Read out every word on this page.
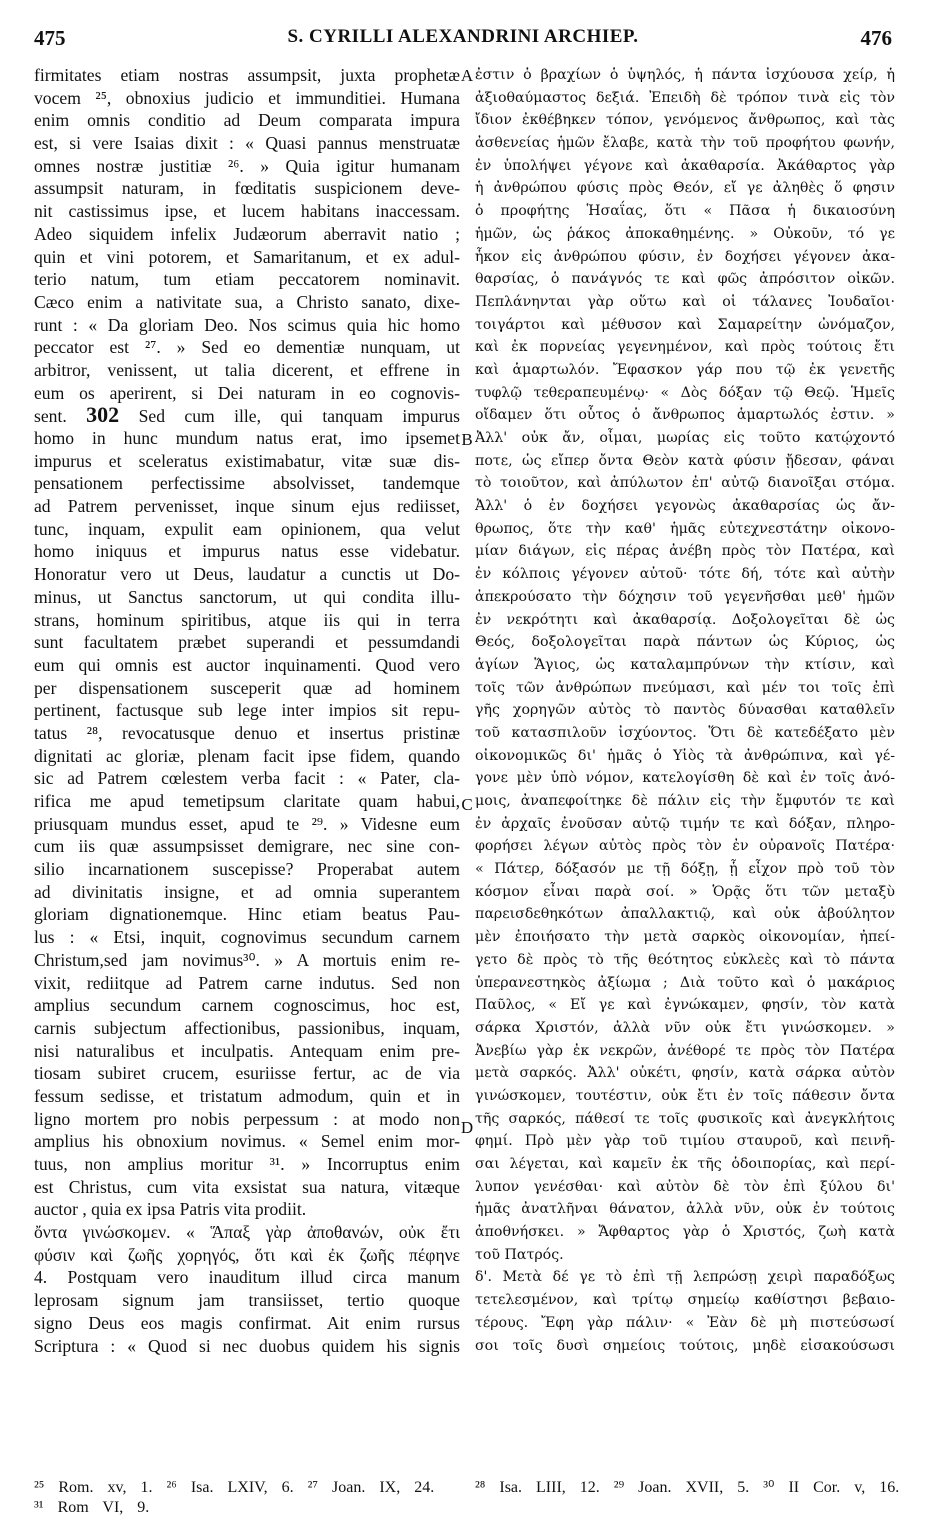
475	S. CYRILLI ALEXANDRINI ARCHIEP.	476
A
B
C
D
firmitates etiam nostras assumpsit, juxta prophetæ
vocem ²⁵, obnoxius judicio et immunditiei. Humana
enim omnis conditio ad Deum comparata impura
est, si vere Isaias dixit : « Quasi pannus menstruatæ
omnes nostræ justitiæ ²⁶. » Quia igitur humanam
assumpsit naturam, in fœditatis suspicionem deve-
nit castissimus ipse, et lucem habitans inaccessam.
Adeo siquidem infelix Judæorum aberravit natio ;
quin et vini potorem, et Samaritanum, et ex adul-
terio natum, tum etiam peccatorem nominavit.
Cæco enim a nativitate sua, a Christo sanato, dixe-
runt : « Da gloriam Deo. Nos scimus quia hic homo
peccator est ²⁷. » Sed eo dementiæ nunquam, ut
arbitror, venissent, ut talia dicerent, et effrene in
eum os aperirent, si Dei naturam in eo cognovis-
sent. 302 Sed cum ille, qui tanquam impurus
homo in hunc mundum natus erat, imo ipsemet
impurus et sceleratus existimabatur, vitæ suæ dis-
pensationem perfectissime absolvisset, tandemque
ad Patrem pervenisset, inque sinum ejus rediisset,
tunc, inquam, expulit eam opinionem, qua velut
homo iniquus et impurus natus esse videbatur.
Honoratur vero ut Deus, laudatur a cunctis ut Do-
minus, ut Sanctus sanctorum, ut qui condita illu-
strans, hominum spiritibus, atque iis qui in terra
sunt facultatem præbet superandi et pessumdandi
eum qui omnis est auctor inquinamenti. Quod vero
per dispensationem susceperit quæ ad hominem
pertinent, factusque sub lege inter impios sit repu-
tatus ²⁸, revocatusque denuo et insertus pristinæ
dignitati ac gloriæ, plenam facit ipse fidem, quando
sic ad Patrem cœlestem verba facit : « Pater, cla-
rifica me apud temetipsum claritate quam habui,
priusquam mundus esset, apud te ²⁹. » Videsne eum
cum iis quæ assumpsisset demigrare, nec sine con-
silio incarnationem suscepisse? Properabat autem
ad divinitatis insigne, et ad omnia superantem
gloriam dignationemque. Hinc etiam beatus Pau-
lus : « Etsi, inquit, cognovimus secundum carnem
Christum,sed jam novimus³⁰. » A mortuis enim re-
vixit, rediitque ad Patrem carne indutus. Sed non
amplius secundum carnem cognoscimus, hoc est,
carnis subjectum affectionibus, passionibus, inquam,
nisi naturalibus et inculpatis. Antequam enim pre-
tiosam subiret crucem, esuriisse fertur, ac de via
fessum sedisse, et tristatum admodum, quin et in
ligno mortem pro nobis perpessum : at modo non
amplius his obnoxium novimus. « Semel enim mor-
tuus, non amplius moritur ³¹. » Incorruptus enim
est Christus, cum vita exsistat sua natura, vitæque
auctor , quia ex ipsa Patris vita prodiit.
ὄντα γινώσκομεν. « Ἅπαξ γὰρ ἀποθανών, οὐκ ἔτι
φύσιν καὶ ζωῆς χορηγός, ὅτι καὶ ἐκ ζωῆς πέφηνε
4. Postquam vero inauditum illud circa manum
leprosam signum jam transiisset, tertio quoque
signo Deus eos magis confirmat. Ait enim rursus
Scriptura : « Quod si nec duobus quidem his signis
ἐστιν ὁ βραχίων ὁ ὑψηλός, ἡ πάντα ἰσχύουσα χείρ, ἡ
ἀξιοθαύμαστος δεξιά. Ἐπειδὴ δὲ τρόπον τινὰ εἰς τὸν
ἴδιον ἐκθέβηκεν τόπον, γενόμενος ἄνθρωπος, καὶ τὰς
ἀσθενείας ἡμῶν ἔλαβε, κατὰ τὴν τοῦ προφήτου φωνήν,
ἐν ὑπολήψει γέγονε καὶ ἀκαθαρσία. Ἀκάθαρτος γὰρ
ἡ ἀνθρώπου φύσις πρὸς Θεόν, εἴ γε ἀληθὲς ὅ φησιν
ὁ προφήτης Ἡσαΐας, ὅτι « Πᾶσα ἡ δικαιοσύνη
ἡμῶν, ὡς ῥάκος ἀποκαθημένης. » Οὐκοῦν, τό γε
ἧκον εἰς ἀνθρώπου φύσιν, ἐν δοχήσει γέγονεν ἀκα-
θαρσίας, ὁ πανάγνός τε καὶ φῶς ἀπρόσιτον οἰκῶν.
Πεπλάνηνται γὰρ οὕτω καὶ οἱ τάλανες Ἰουδαῖοι·
τοιγάρτοι καὶ μέθυσον καὶ Σαμαρείτην ὠνόμαζον,
καὶ ἐκ πορνείας γεγενημένον, καὶ πρὸς τούτοις ἔτι
καὶ ἁμαρτωλόν. Ἔφασκον γάρ που τῷ ἐκ γενετῆς
τυφλῷ τεθεραπευμένῳ· « Δὸς δόξαν τῷ Θεῷ. Ἡμεῖς
οἴδαμεν ὅτι οὗτος ὁ ἄνθρωπος ἁμαρτωλός ἐστιν. »
Ἀλλ' οὐκ ἄν, οἶμαι, μωρίας εἰς τοῦτο κατῴχοντό
ποτε, ὡς εἴπερ ὄντα Θεὸν κατὰ φύσιν ᾔδεσαν, φάναι
τὸ τοιοῦτον, καὶ ἀπύλωτον ἐπ' αὐτῷ διανοῖξαι στόμα.
Ἀλλ' ὁ ἐν δοχήσει γεγονὼς ἀκαθαρσίας ὡς ἄν-
θρωπος, ὅτε τὴν καθ' ἡμᾶς εὐτεχνεστάτην οἰκονο-
μίαν διάγων, εἰς πέρας ἀνέβη πρὸς τὸν Πατέρα, καὶ
ἐν κόλποις γέγονεν αὐτοῦ· τότε δή, τότε καὶ αὐτὴν
ἀπεκρούσατο τὴν δόχησιν τοῦ γεγενῆσθαι μεθ' ἡμῶν
ἐν νεκρότητι καὶ ἀκαθαρσίᾳ. Δοξολογεῖται δὲ ὡς
Θεός, δοξολογεῖται παρὰ πάντων ὡς Κύριος, ὡς
ἁγίων Ἅγιος, ὡς καταλαμπρύνων τὴν κτίσιν, καὶ
τοῖς τῶν ἀνθρώπων πνεύμασι, καὶ μέν τοι τοῖς ἐπὶ
γῆς χορηγῶν αὐτὸς τὸ παντὸς δύνασθαι καταθλεῖν
τοῦ κατασπιλοῦν ἰσχύοντος. Ὅτι δὲ κατεδέξατο μὲν
οἰκονομικῶς δι' ἡμᾶς ὁ Υἱὸς τὰ ἀνθρώπινα, καὶ γέ-
γονε μὲν ὑπὸ νόμον, κατελογίσθη δὲ καὶ ἐν τοῖς ἀνό-
μοις, ἀναπεφοίτηκε δὲ πάλιν εἰς τὴν ἔμφυτόν τε καὶ
ἐν ἀρχαῖς ἐνοῦσαν αὐτῷ τιμήν τε καὶ δόξαν, πληρο-
φορήσει λέγων αὐτὸς πρὸς τὸν ἐν οὐρανοῖς Πατέρα·
« Πάτερ, δόξασόν με τῇ δόξῃ, ᾗ εἶχον πρὸ τοῦ τὸν
κόσμον εἶναι παρὰ σοί. » Ὁρᾷς ὅτι τῶν μεταξὺ
παρεισδεθηκότων ἀπαλλακτιῷ, καὶ οὐκ ἀβούλητον
μὲν ἐποιήσατο τὴν μετὰ σαρκὸς οἰκονομίαν, ἠπεί-
γετο δὲ πρὸς τὸ τῆς θεότητος εὐκλεὲς καὶ τὸ πάντα
ὑπερανεστηκὸς ἀξίωμα ; Διὰ τοῦτο καὶ ὁ μακάριος
Παῦλος, « Εἴ γε καὶ ἐγνώκαμεν, φησίν, τὸν κατὰ
σάρκα Χριστόν, ἀλλὰ νῦν οὐκ ἔτι γινώσκομεν. »
Ἀνεβίω γὰρ ἐκ νεκρῶν, ἀνέθορέ τε πρὸς τὸν Πατέρα
μετὰ σαρκός. Ἀλλ' οὐκέτι, φησίν, κατὰ σάρκα αὐτὸν
γινώσκομεν, τουτέστιν, οὐκ ἔτι ἐν τοῖς πάθεσιν ὄντα
τῆς σαρκός, πάθεσί τε τοῖς φυσικοῖς καὶ ἀνεγκλήτοις
φημί. Πρὸ μὲν γὰρ τοῦ τιμίου σταυροῦ, καὶ πεινῆ-
σαι λέγεται, καὶ καμεῖν ἐκ τῆς ὁδοιπορίας, καὶ περί-
λυπον γενέσθαι· καὶ αὐτὸν δὲ τὸν ἐπὶ ξύλου δι'
ἡμᾶς ἀνατλῆναι θάνατον, ἀλλὰ νῦν, οὐκ ἐν τούτοις
ἀποθνήσκει. » Ἄφθαρτος γὰρ ὁ Χριστός, ζωὴ κατὰ
τοῦ Πατρός.
δ'. Μετὰ δέ γε τὸ ἐπὶ τῇ λεπρώσῃ χειρὶ παραδόξως
τετελεσμένον, καὶ τρίτῳ σημείῳ καθίστησι βεβαιο-
τέρους. Ἔφη γὰρ πάλιν· « Ἐὰν δὲ μὴ πιστεύσωσί
σοι τοῖς δυσὶ σημείοις τούτοις, μηδὲ εἰσακούσωσι
²⁵ Rom. xv, 1. ²⁶ Isa. LXIV, 6. ²⁷ Joan. IX, 24.
³¹ Rom VI, 9.
²⁸ Isa. LIII, 12. ²⁹ Joan. XVII, 5. ³⁰ II Cor. v, 16.
